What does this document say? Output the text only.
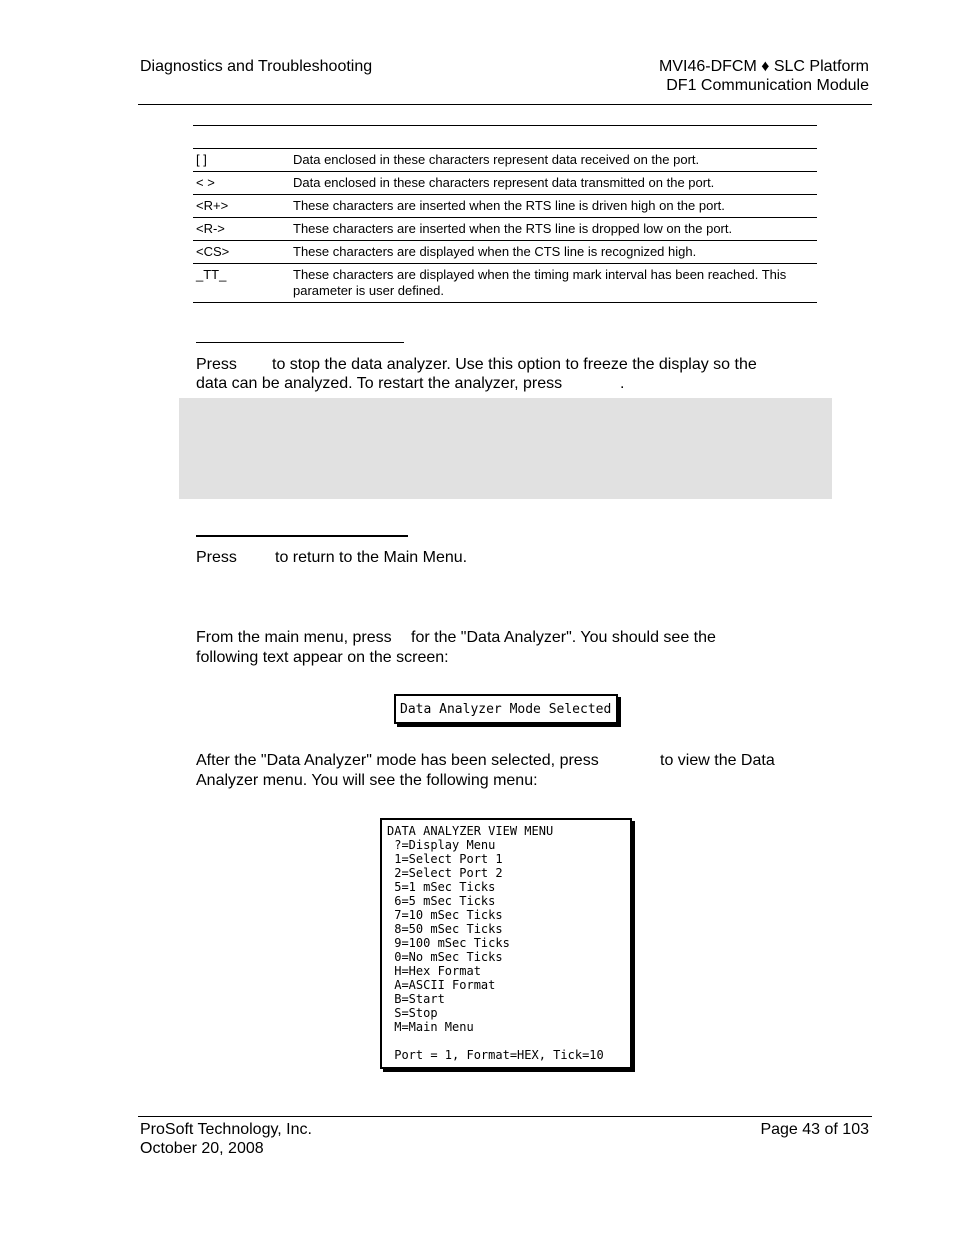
Diagnostics and Troubleshooting	MVI46-DFCM ♦ SLC Platform
DF1 Communication Module
[ ]	Data enclosed in these characters represent data received on the port.
< >	Data enclosed in these characters represent data transmitted on the port.
<R+>	These characters are inserted when the RTS line is driven high on the port.
<R->	These characters are inserted when the RTS line is dropped low on the port.
<CS>	These characters are displayed when the CTS line is recognized high.
_TT_	These characters are displayed when the timing mark interval has been reached. This parameter is user defined.
Press to stop the data analyzer. Use this option to freeze the display so the
data can be analyzed. To restart the analyzer, press	.
Press to return to the Main Menu.
From the main menu, press for the "Data Analyzer". You should see the
following text appear on the screen:
Data Analyzer Mode Selected
After the "Data Analyzer" mode has been selected, press	to view the Data
Analyzer menu. You will see the following menu:
DATA ANALYZER VIEW MENU
?=Display Menu
1=Select Port 1
2=Select Port 2
5=1 mSec Ticks
6=5 mSec Ticks
7=10 mSec Ticks
8=50 mSec Ticks
9=100 mSec Ticks
0=No mSec Ticks
H=Hex Format
A=ASCII Format
B=Start
S=Stop
M=Main Menu
Port = 1, Format=HEX, Tick=10
ProSoft Technology, Inc.
October 20, 2008
Page 43 of 103
